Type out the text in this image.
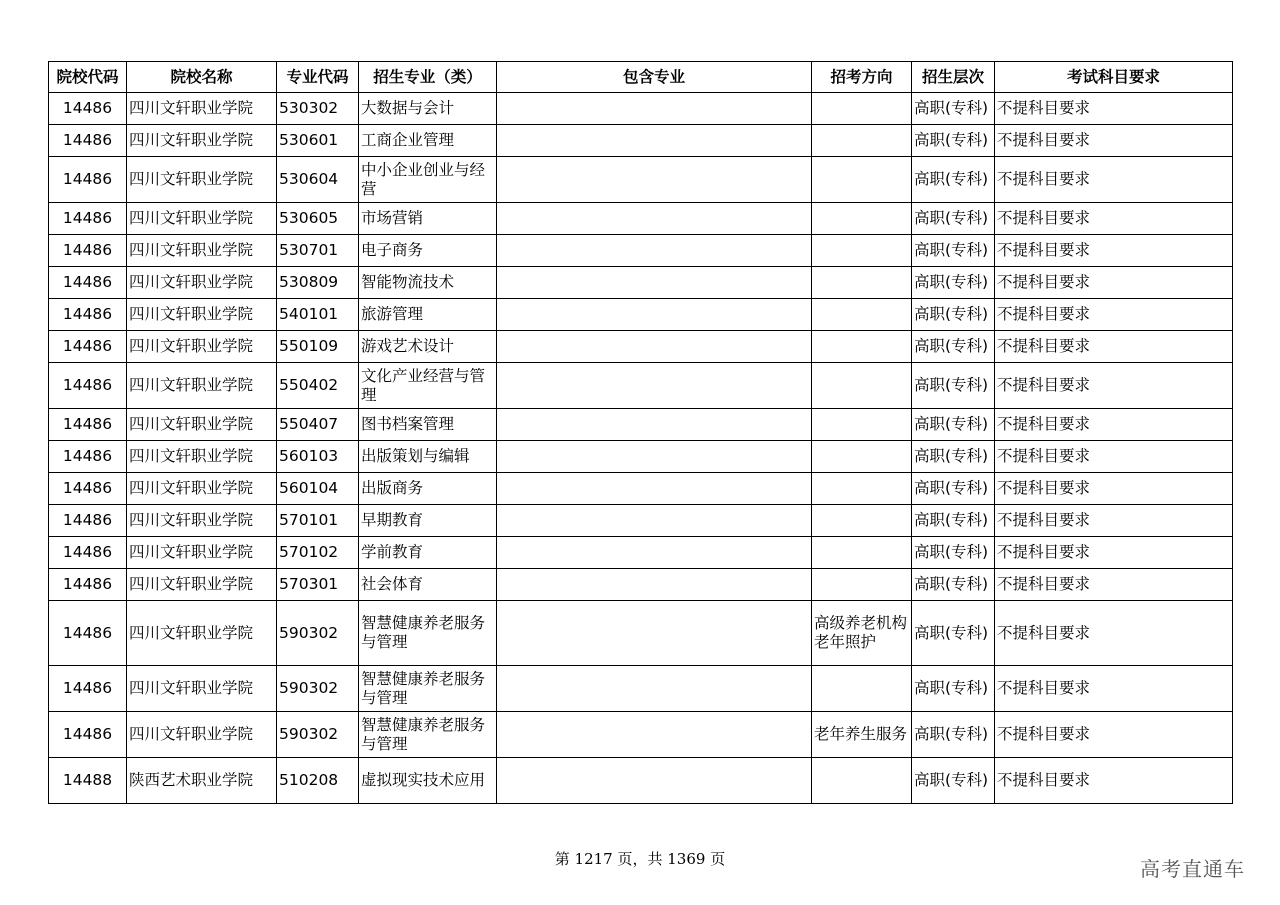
院校代码	院校名称	专业代码	招生专业（类）	包含专业	招考方向	招生层次	考试科目要求
14486	四川文轩职业学院	530302	大数据与会计			高职(专科)	不提科目要求
14486	四川文轩职业学院	530601	工商企业管理			高职(专科)	不提科目要求
14486	四川文轩职业学院	530604	中小企业创业与经营			高职(专科)	不提科目要求
14486	四川文轩职业学院	530605	市场营销			高职(专科)	不提科目要求
14486	四川文轩职业学院	530701	电子商务			高职(专科)	不提科目要求
14486	四川文轩职业学院	530809	智能物流技术			高职(专科)	不提科目要求
14486	四川文轩职业学院	540101	旅游管理			高职(专科)	不提科目要求
14486	四川文轩职业学院	550109	游戏艺术设计			高职(专科)	不提科目要求
14486	四川文轩职业学院	550402	文化产业经营与管理			高职(专科)	不提科目要求
14486	四川文轩职业学院	550407	图书档案管理			高职(专科)	不提科目要求
14486	四川文轩职业学院	560103	出版策划与编辑			高职(专科)	不提科目要求
14486	四川文轩职业学院	560104	出版商务			高职(专科)	不提科目要求
14486	四川文轩职业学院	570101	早期教育			高职(专科)	不提科目要求
14486	四川文轩职业学院	570102	学前教育			高职(专科)	不提科目要求
14486	四川文轩职业学院	570301	社会体育			高职(专科)	不提科目要求
14486	四川文轩职业学院	590302	智慧健康养老服务与管理		高级养老机构老年照护	高职(专科)	不提科目要求
14486	四川文轩职业学院	590302	智慧健康养老服务与管理			高职(专科)	不提科目要求
14486	四川文轩职业学院	590302	智慧健康养老服务与管理		老年养生服务	高职(专科)	不提科目要求
14488	陕西艺术职业学院	510208	虚拟现实技术应用			高职(专科)	不提科目要求
第 1217 页，共 1369 页	高考直通车
